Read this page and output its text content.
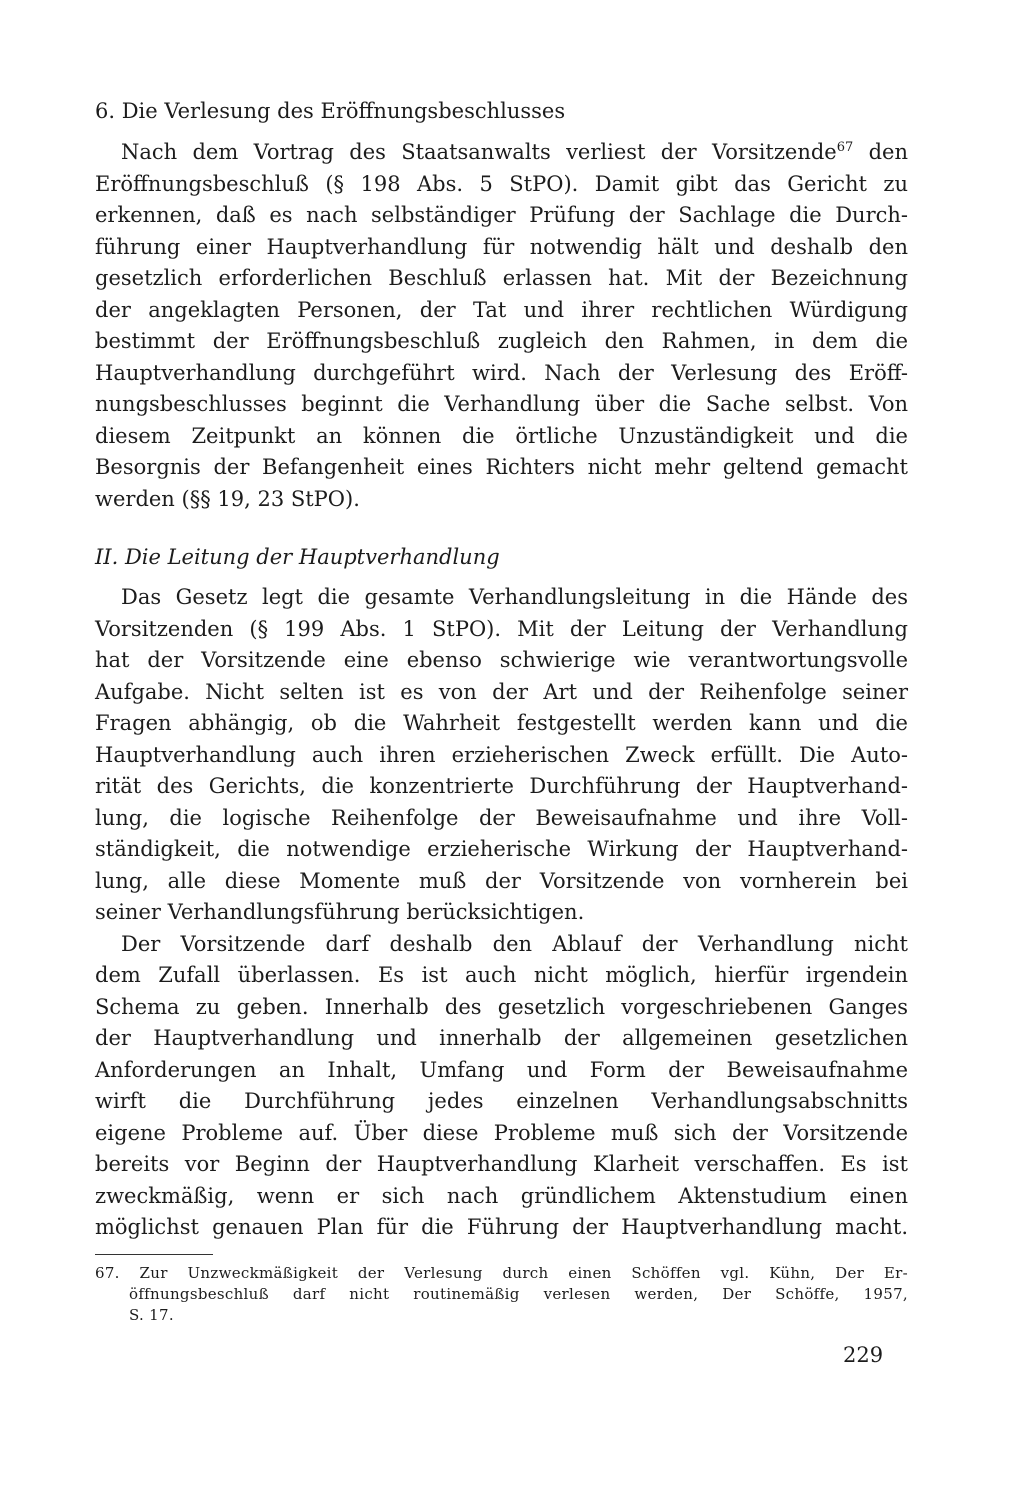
6. Die Verlesung des Eröffnungsbeschlusses
Nach dem Vortrag des Staatsanwalts verliest der Vorsitzende$^{67}$ den
Eröffnungsbeschluß (§ 198 Abs. 5 StPO). Damit gibt das Gericht zu
erkennen, daß es nach selbständiger Prüfung der Sachlage die Durch-
führung einer Hauptverhandlung für notwendig hält und deshalb den
gesetzlich erforderlichen Beschluß erlassen hat. Mit der Bezeichnung
der angeklagten Personen, der Tat und ihrer rechtlichen Würdigung
bestimmt der Eröffnungsbeschluß zugleich den Rahmen, in dem die
Hauptverhandlung durchgeführt wird. Nach der Verlesung des Eröff-
nungsbeschlusses beginnt die Verhandlung über die Sache selbst. Von
diesem Zeitpunkt an können die örtliche Unzuständigkeit und die
Besorgnis der Befangenheit eines Richters nicht mehr geltend gemacht
werden (§§ 19, 23 StPO).
II. Die Leitung der Hauptverhandlung
Das Gesetz legt die gesamte Verhandlungsleitung in die Hände des
Vorsitzenden (§ 199 Abs. 1 StPO). Mit der Leitung der Verhandlung
hat der Vorsitzende eine ebenso schwierige wie verantwortungsvolle
Aufgabe. Nicht selten ist es von der Art und der Reihenfolge seiner
Fragen abhängig, ob die Wahrheit festgestellt werden kann und die
Hauptverhandlung auch ihren erzieherischen Zweck erfüllt. Die Auto-
rität des Gerichts, die konzentrierte Durchführung der Hauptverhand-
lung, die logische Reihenfolge der Beweisaufnahme und ihre Voll-
ständigkeit, die notwendige erzieherische Wirkung der Hauptverhand-
lung, alle diese Momente muß der Vorsitzende von vornherein bei
seiner Verhandlungsführung berücksichtigen.
Der Vorsitzende darf deshalb den Ablauf der Verhandlung nicht
dem Zufall überlassen. Es ist auch nicht möglich, hierfür irgendein
Schema zu geben. Innerhalb des gesetzlich vorgeschriebenen Ganges
der Hauptverhandlung und innerhalb der allgemeinen gesetzlichen
Anforderungen an Inhalt, Umfang und Form der Beweisaufnahme
wirft die Durchführung jedes einzelnen Verhandlungsabschnitts
eigene Probleme auf. Über diese Probleme muß sich der Vorsitzende
bereits vor Beginn der Hauptverhandlung Klarheit verschaffen. Es ist
zweckmäßig, wenn er sich nach gründlichem Aktenstudium einen
möglichst genauen Plan für die Führung der Hauptverhandlung macht.
67. Zur Unzweckmäßigkeit der Verlesung durch einen Schöffen vgl. Kühn, Der Er-
öffnungsbeschluß darf nicht routinemäßig verlesen werden, Der Schöffe, 1957,
S. 17.
229
